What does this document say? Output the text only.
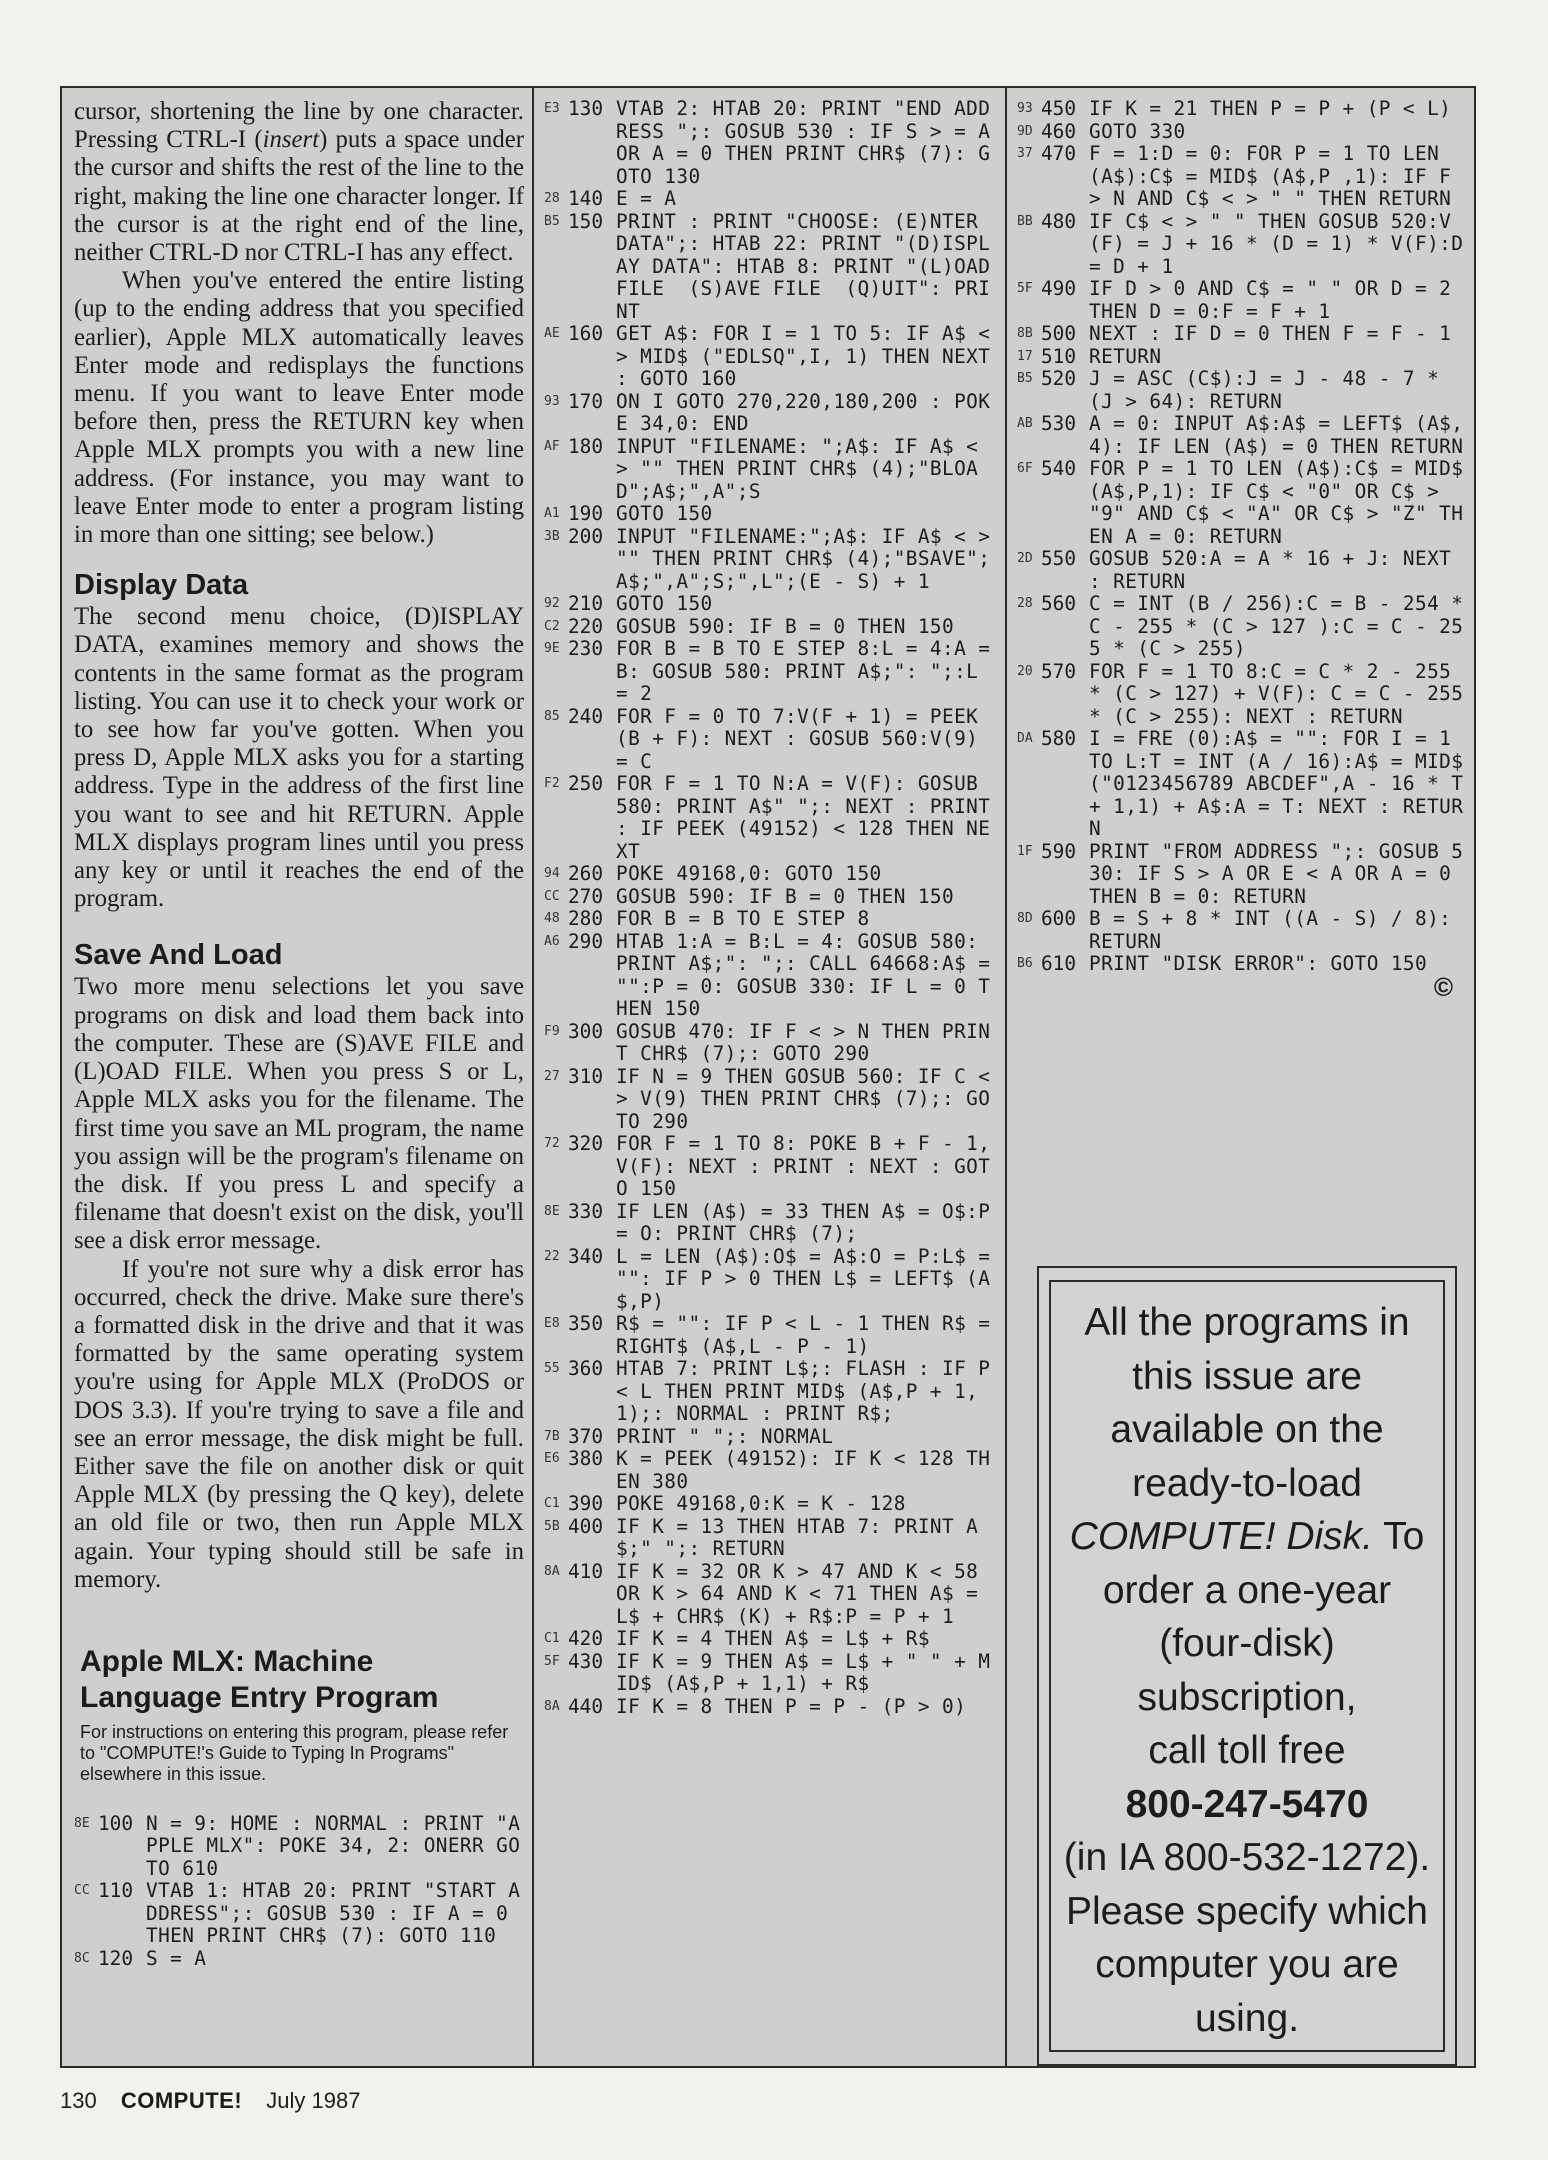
cursor, shortening the line by one character. Pressing CTRL-I (insert) puts a space under the cursor and shifts the rest of the line to the right, making the line one character longer. If the cursor is at the right end of the line, neither CTRL-D nor CTRL-I has any effect.

When you've entered the entire listing (up to the ending address that you specified earlier), Apple MLX automatically leaves Enter mode and redisplays the functions menu. If you want to leave Enter mode before then, press the RETURN key when Apple MLX prompts you with a new line address. (For instance, you may want to leave Enter mode to enter a program listing in more than one sitting; see below.)

Display Data

The second menu choice, (D)ISPLAY DATA, examines memory and shows the contents in the same format as the program listing. You can use it to check your work or to see how far you've gotten. When you press D, Apple MLX asks you for a starting address. Type in the address of the first line you want to see and hit RETURN. Apple MLX displays program lines until you press any key or until it reaches the end of the program.

Save And Load

Two more menu selections let you save programs on disk and load them back into the computer. These are (S)AVE FILE and (L)OAD FILE. When you press S or L, Apple MLX asks you for the filename. The first time you save an ML program, the name you assign will be the program's filename on the disk. If you press L and specify a filename that doesn't exist on the disk, you'll see a disk error message.

If you're not sure why a disk error has occurred, check the drive. Make sure there's a formatted disk in the drive and that it was formatted by the same operating system you're using for Apple MLX (ProDOS or DOS 3.3). If you're trying to save a file and see an error message, the disk might be full. Either save the file on another disk or quit Apple MLX (by pressing the Q key), delete an old file or two, then run Apple MLX again. Your typing should still be safe in memory.

Apple MLX: Machine
Language Entry Program
For instructions on entering this program, please refer to "COMPUTE!'s Guide to Typing In Programs" elsewhere in this issue.
8E 100 N = 9: HOME : NORMAL : PRINT "APPLE MLX": POKE 34, 2: ONERR GOTO 610
CC 110 VTAB 1: HTAB 20: PRINT "START ADDRESS";: GOSUB 530 : IF A = 0 THEN PRINT CHR$ (7): GOTO 110
8C 120 S = A
E3 130 VTAB 2: HTAB 20: PRINT "END ADDRESS ";: GOSUB 530 : IF S > = A OR A = 0 THEN PRINT CHR$ (7): GOTO 130
28 140 E = A
B5 150 PRINT : PRINT "CHOOSE: (E)NTER DATA";: HTAB 22: PRINT "(D)ISPLAY DATA": HTAB 8: PRINT "(L)OAD FILE  (S)AVE FILE  (Q)UIT": PRINT
AE 160 GET A$: FOR I = 1 TO 5: IF A$ < > MID$ ("EDLSQ",I, 1) THEN NEXT : GOTO 160
93 170 ON I GOTO 270,220,180,200 : POKE 34,0: END
AF 180 INPUT "FILENAME: ";A$: IF A$ < > "" THEN PRINT CHR$ (4);"BLOAD";A$;",A";S
A1 190 GOTO 150
3B 200 INPUT "FILENAME:";A$: IF A$ < > "" THEN PRINT CHR$ (4);"BSAVE";A$;",A";S;",L";(E - S) + 1
92 210 GOTO 150
C2 220 GOSUB 590: IF B = 0 THEN 150
9E 230 FOR B = B TO E STEP 8:L = 4:A = B: GOSUB 580: PRINT A$;": ";:L = 2
85 240 FOR F = 0 TO 7:V(F + 1) = PEEK (B + F): NEXT : GOSUB 560:V(9) = C
F2 250 FOR F = 1 TO N:A = V(F): GOSUB 580: PRINT A$" ";: NEXT : PRINT : IF PEEK (49152) < 128 THEN NEXT
94 260 POKE 49168,0: GOTO 150
CC 270 GOSUB 590: IF B = 0 THEN 150
48 280 FOR B = B TO E STEP 8
A6 290 HTAB 1:A = B:L = 4: GOSUB 580: PRINT A$;": ";: CALL 64668:A$ = "":P = 0: GOSUB 330: IF L = 0 THEN 150
F9 300 GOSUB 470: IF F < > N THEN PRINT CHR$ (7);: GOTO 290
27 310 IF N = 9 THEN GOSUB 560: IF C < > V(9) THEN PRINT CHR$ (7);: GOTO 290
72 320 FOR F = 1 TO 8: POKE B + F - 1,V(F): NEXT : PRINT : NEXT : GOTO 150
8E 330 IF LEN (A$) = 33 THEN A$ = O$:P = O: PRINT CHR$ (7);
22 340 L = LEN (A$):O$ = A$:O = P:L$ = "": IF P > 0 THEN L$ = LEFT$ (A$,P)
E8 350 R$ = "": IF P < L - 1 THEN R$ = RIGHT$ (A$,L - P - 1)
55 360 HTAB 7: PRINT L$;: FLASH : IF P < L THEN PRINT MID$ (A$,P + 1,1);: NORMAL : PRINT R$;
7B 370 PRINT " ";: NORMAL
E6 380 K = PEEK (49152): IF K < 128 THEN 380
C1 390 POKE 49168,0:K = K - 128
5B 400 IF K = 13 THEN HTAB 7: PRINT A$;" ";: RETURN
8A 410 IF K = 32 OR K > 47 AND K < 58 OR K > 64 AND K < 71 THEN A$ = L$ + CHR$ (K) + R$:P = P + 1
C1 420 IF K = 4 THEN A$ = L$ + R$
5F 430 IF K = 9 THEN A$ = L$ + " " + MID$ (A$,P + 1,1) + R$
8A 440 IF K = 8 THEN P = P - (P > 0)
93 450 IF K = 21 THEN P = P + (P < L)
9D 460 GOTO 330
37 470 F = 1:D = 0: FOR P = 1 TO LEN (A$):C$ = MID$ (A$,P ,1): IF F > N AND C$ < > " " THEN RETURN
BB 480 IF C$ < > " " THEN GOSUB 520:V(F) = J + 16 * (D = 1) * V(F):D = D + 1
5F 490 IF D > 0 AND C$ = " " OR D = 2 THEN D = 0:F = F + 1
8B 500 NEXT : IF D = 0 THEN F = F - 1
17 510 RETURN
B5 520 J = ASC (C$):J = J - 48 - 7 * (J > 64): RETURN
AB 530 A = 0: INPUT A$:A$ = LEFT$ (A$,4): IF LEN (A$) = 0 THEN RETURN
6F 540 FOR P = 1 TO LEN (A$):C$ = MID$ (A$,P,1): IF C$ < "0" OR C$ > "9" AND C$ < "A" OR C$ > "Z" THEN A = 0: RETURN
2D 550 GOSUB 520:A = A * 16 + J: NEXT : RETURN
28 560 C = INT (B / 256):C = B - 254 * C - 255 * (C > 127 ):C = C - 255 * (C > 255)
20 570 FOR F = 1 TO 8:C = C * 2 - 255 * (C > 127) + V(F): C = C - 255 * (C > 255): NEXT : RETURN
DA 580 I = FRE (0):A$ = "": FOR I = 1 TO L:T = INT (A / 16):A$ = MID$ ("0123456789 ABCDEF",A - 16 * T + 1,1) + A$:A = T: NEXT : RETURN
1F 590 PRINT "FROM ADDRESS ";: GOSUB 530: IF S > A OR E < A OR A = 0 THEN B = 0: RETURN
8D 600 B = S + 8 * INT ((A - S) / 8): RETURN
B6 610 PRINT "DISK ERROR": GOTO 150
©
All the programs in
this issue are
available on the
ready-to-load
COMPUTE! Disk. To
order a one-year
(four-disk)
subscription,
call toll free
800-247-5470
(in IA 800-532-1272).
Please specify which
computer you are
using.
130 COMPUTE! July 1987
